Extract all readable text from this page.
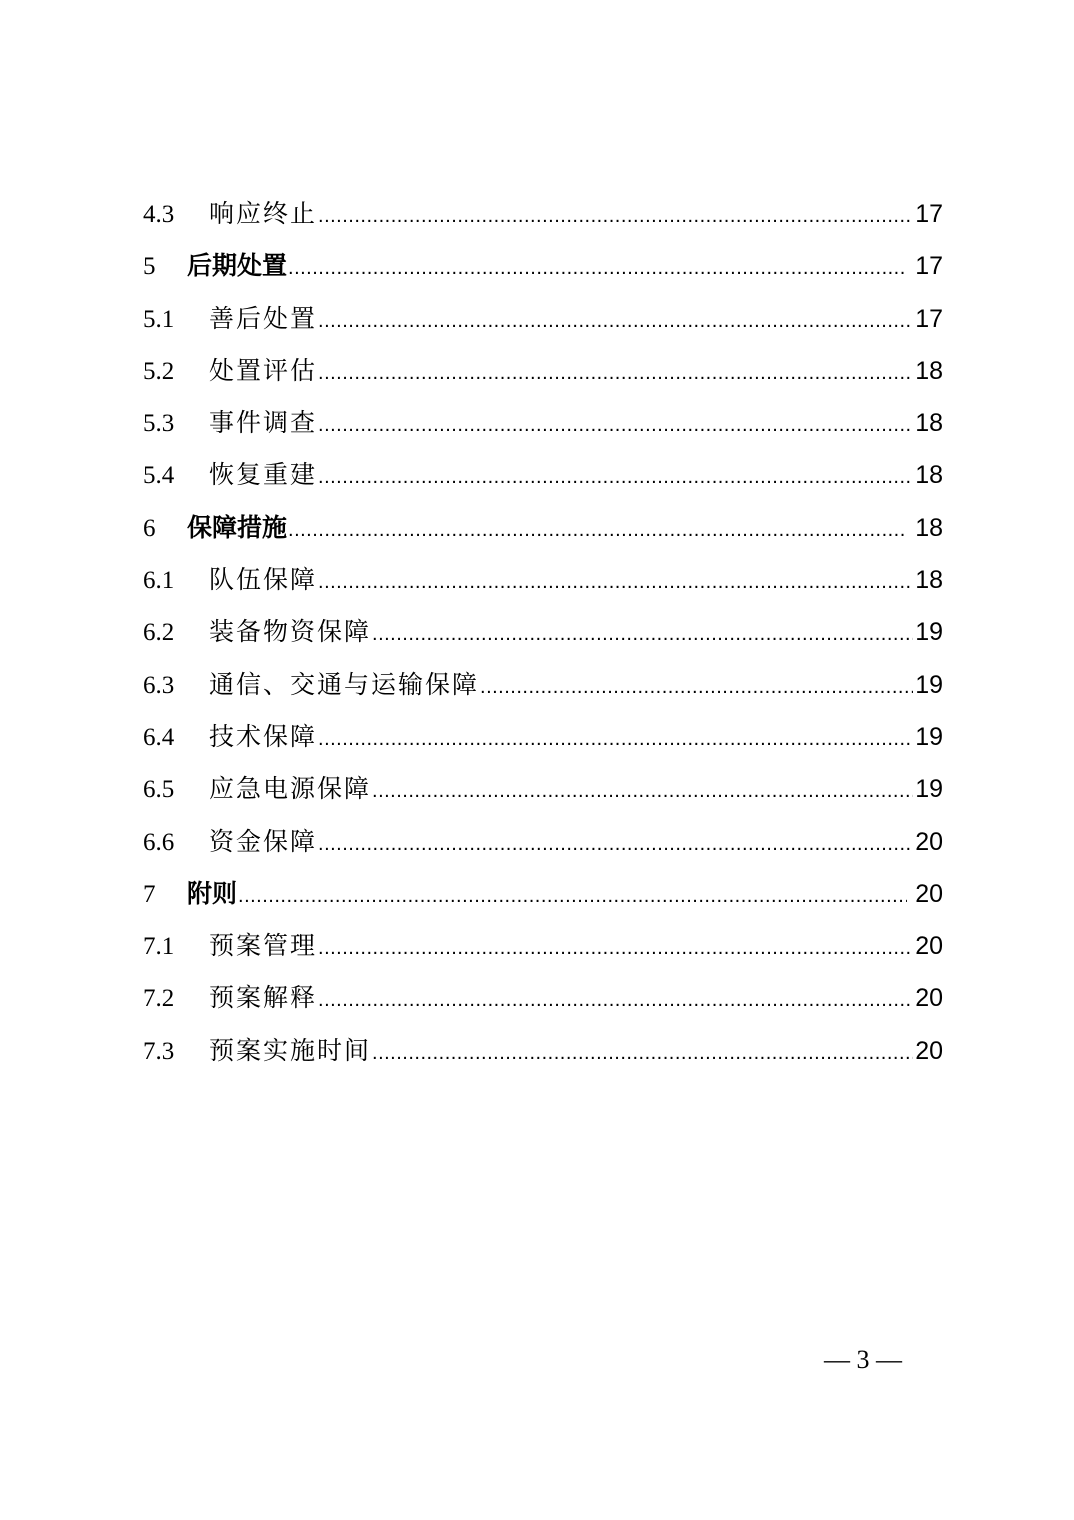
4.3	响应终止 .....	17
5	后期处置 .....	17
5.1	善后处置 .....	17
5.2	处置评估 .....	18
5.3	事件调查 .....	18
5.4	恢复重建 .....	18
6	保障措施 .....	18
6.1	队伍保障 .....	18
6.2	装备物资保障 .....	19
6.3	通信、交通与运输保障 .....	19
6.4	技术保障 .....	19
6.5	应急电源保障 .....	19
6.6	资金保障 .....	20
7	附则 .....	20
7.1	预案管理 .....	20
7.2	预案解释 .....	20
7.3	预案实施时间 .....	20
— 3 —
